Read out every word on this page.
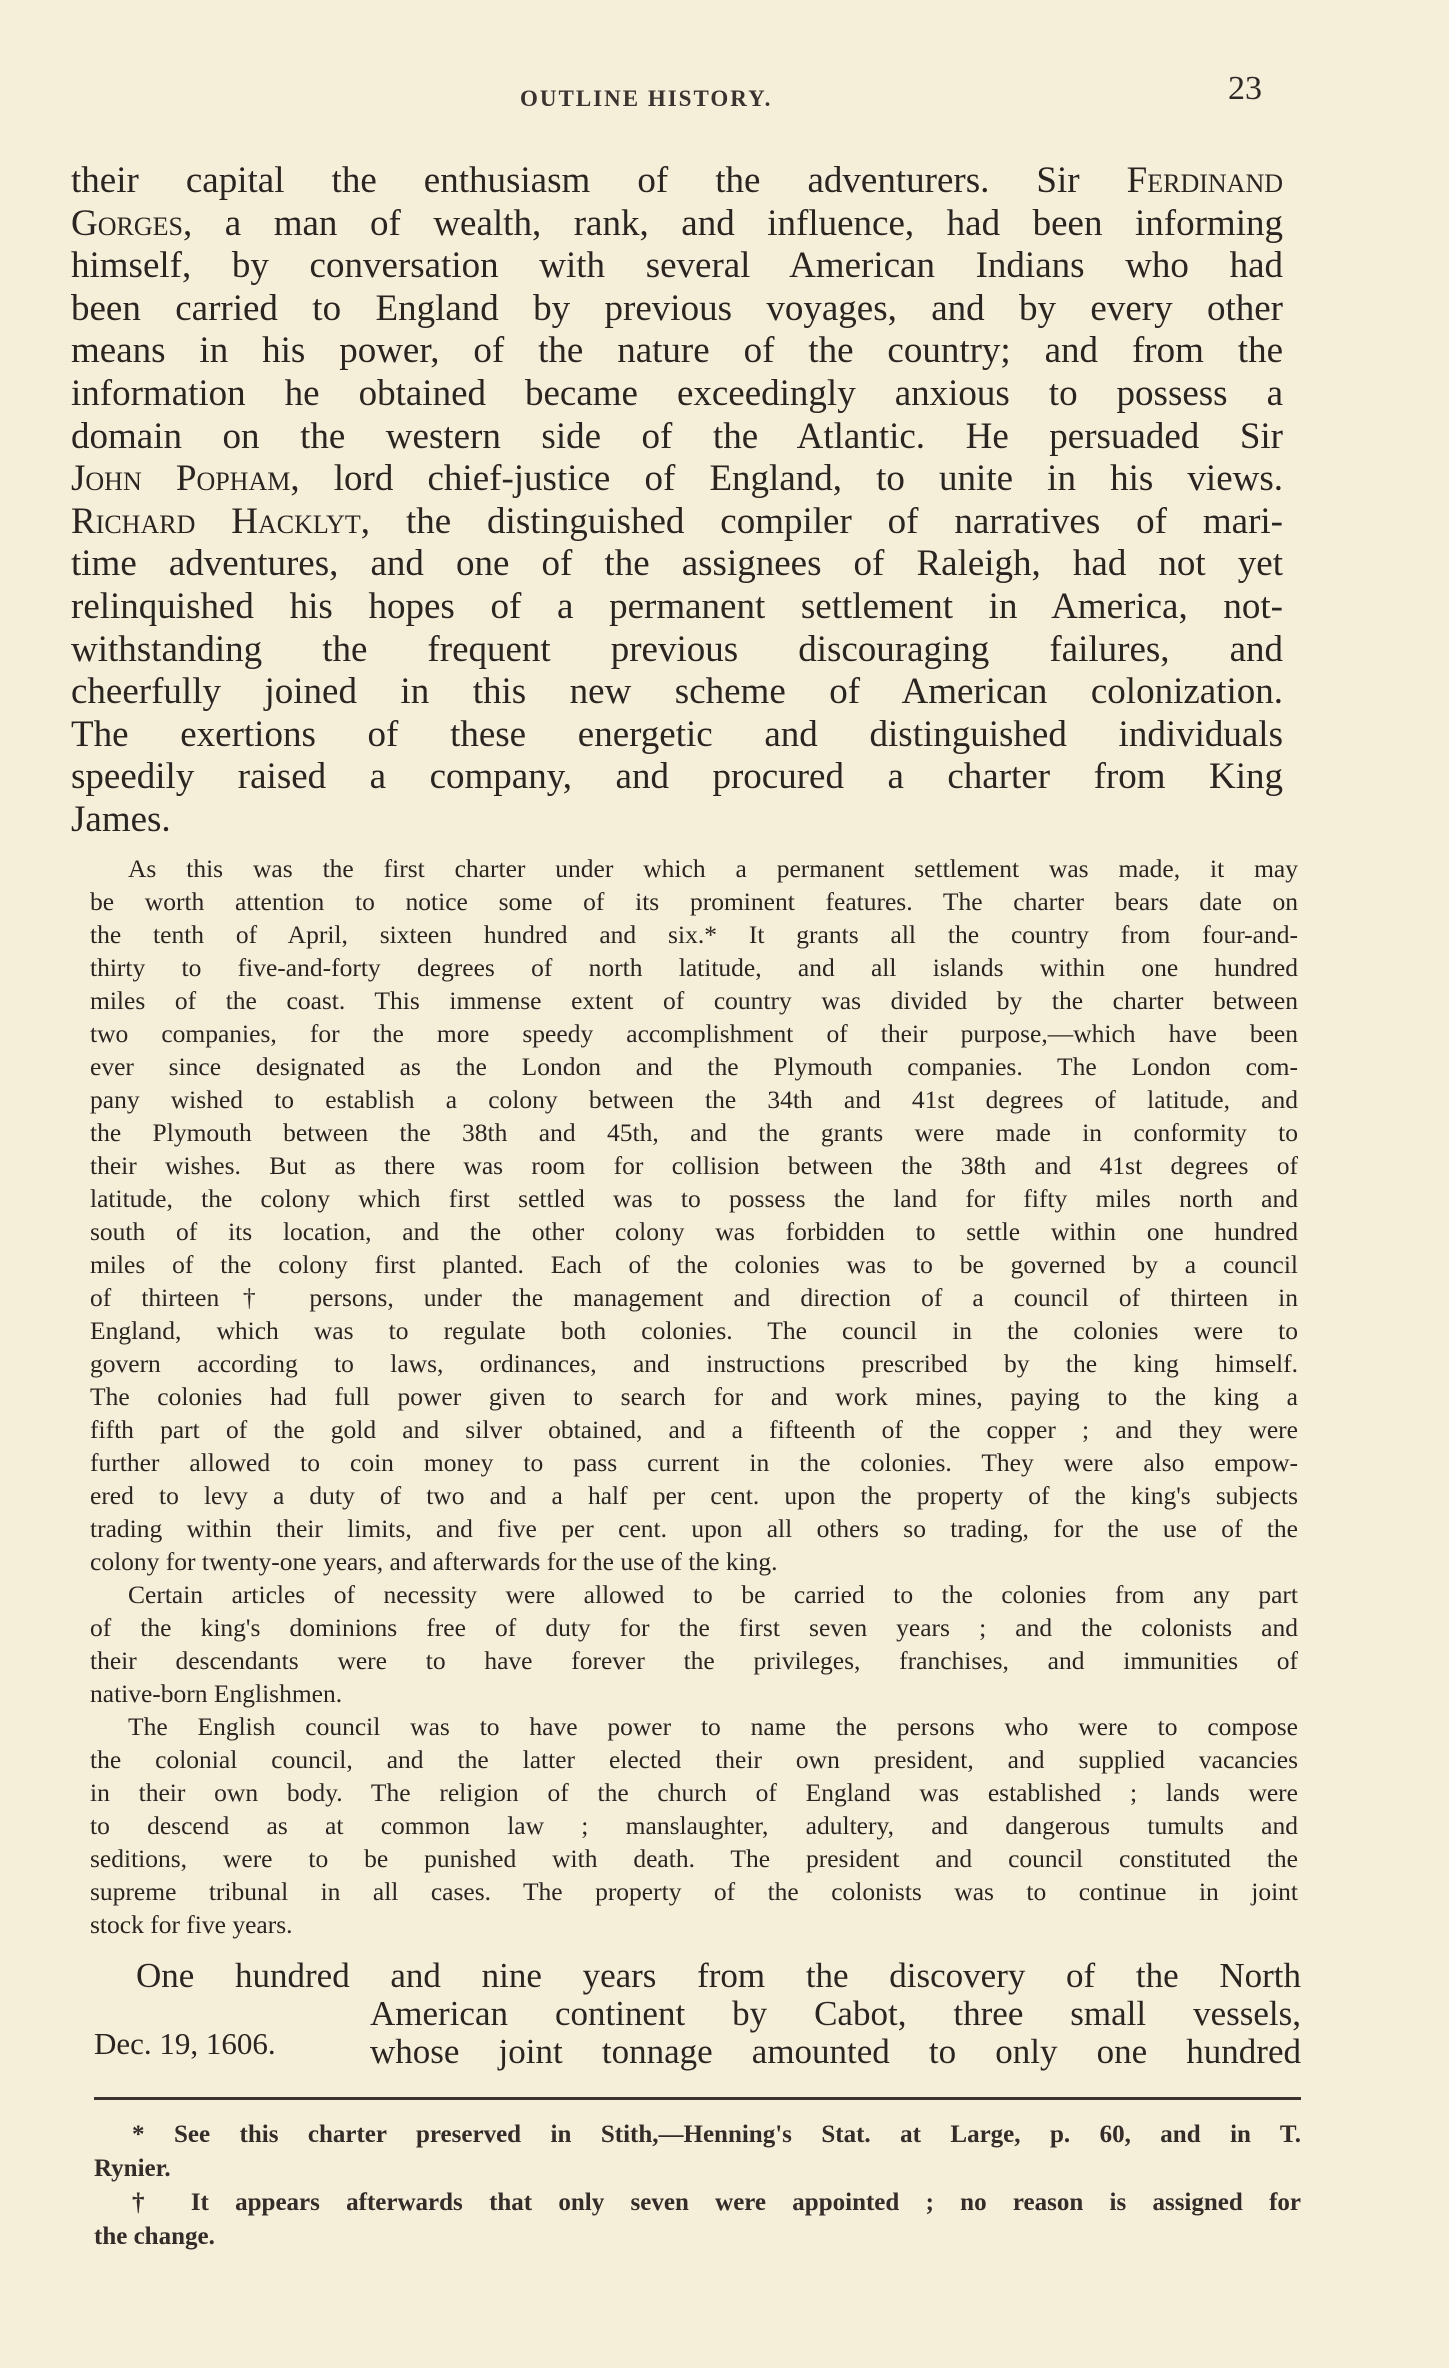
OUTLINE HISTORY.	23
their capital the enthusiasm of the adventurers. Sir Ferdinand
Gorges, a man of wealth, rank, and influence, had been informing
himself, by conversation with several American Indians who had
been carried to England by previous voyages, and by every other
means in his power, of the nature of the country; and from the
information he obtained became exceedingly anxious to possess a
domain on the western side of the Atlantic. He persuaded Sir
John Popham, lord chief-justice of England, to unite in his views.
Richard Hacklyt, the distinguished compiler of narratives of mari-
time adventures, and one of the assignees of Raleigh, had not yet
relinquished his hopes of a permanent settlement in America, not-
withstanding the frequent previous discouraging failures, and
cheerfully joined in this new scheme of American colonization.
The exertions of these energetic and distinguished individuals
speedily raised a company, and procured a charter from King
James.
As this was the first charter under which a permanent settlement was made, it may
be worth attention to notice some of its prominent features. The charter bears date on
the tenth of April, sixteen hundred and six.* It grants all the country from four-and-
thirty to five-and-forty degrees of north latitude, and all islands within one hundred
miles of the coast. This immense extent of country was divided by the charter between
two companies, for the more speedy accomplishment of their purpose,—which have been
ever since designated as the London and the Plymouth companies. The London com-
pany wished to establish a colony between the 34th and 41st degrees of latitude, and
the Plymouth between the 38th and 45th, and the grants were made in conformity to
their wishes. But as there was room for collision between the 38th and 41st degrees of
latitude, the colony which first settled was to possess the land for fifty miles north and
south of its location, and the other colony was forbidden to settle within one hundred
miles of the colony first planted. Each of the colonies was to be governed by a council
of thirteen† persons, under the management and direction of a council of thirteen in
England, which was to regulate both colonies. The council in the colonies were to
govern according to laws, ordinances, and instructions prescribed by the king himself.
The colonies had full power given to search for and work mines, paying to the king a
fifth part of the gold and silver obtained, and a fifteenth of the copper ; and they were
further allowed to coin money to pass current in the colonies. They were also empow-
ered to levy a duty of two and a half per cent. upon the property of the king's subjects
trading within their limits, and five per cent. upon all others so trading, for the use of the
colony for twenty-one years, and afterwards for the use of the king.
Certain articles of necessity were allowed to be carried to the colonies from any part
of the king's dominions free of duty for the first seven years ; and the colonists and
their descendants were to have forever the privileges, franchises, and immunities of
native-born Englishmen.
The English council was to have power to name the persons who were to compose
the colonial council, and the latter elected their own president, and supplied vacancies
in their own body. The religion of the church of England was established ; lands were
to descend as at common law ; manslaughter, adultery, and dangerous tumults and
seditions, were to be punished with death. The president and council constituted the
supreme tribunal in all cases. The property of the colonists was to continue in joint
stock for five years.
One hundred and nine years from the discovery of the North
American continent by Cabot, three small vessels,
whose joint tonnage amounted to only one hundred
Dec. 19, 1606.
* See this charter preserved in Stith,—Henning's Stat. at Large, p. 60, and in T.
Rynier.
† It appears afterwards that only seven were appointed ; no reason is assigned for
the change.
